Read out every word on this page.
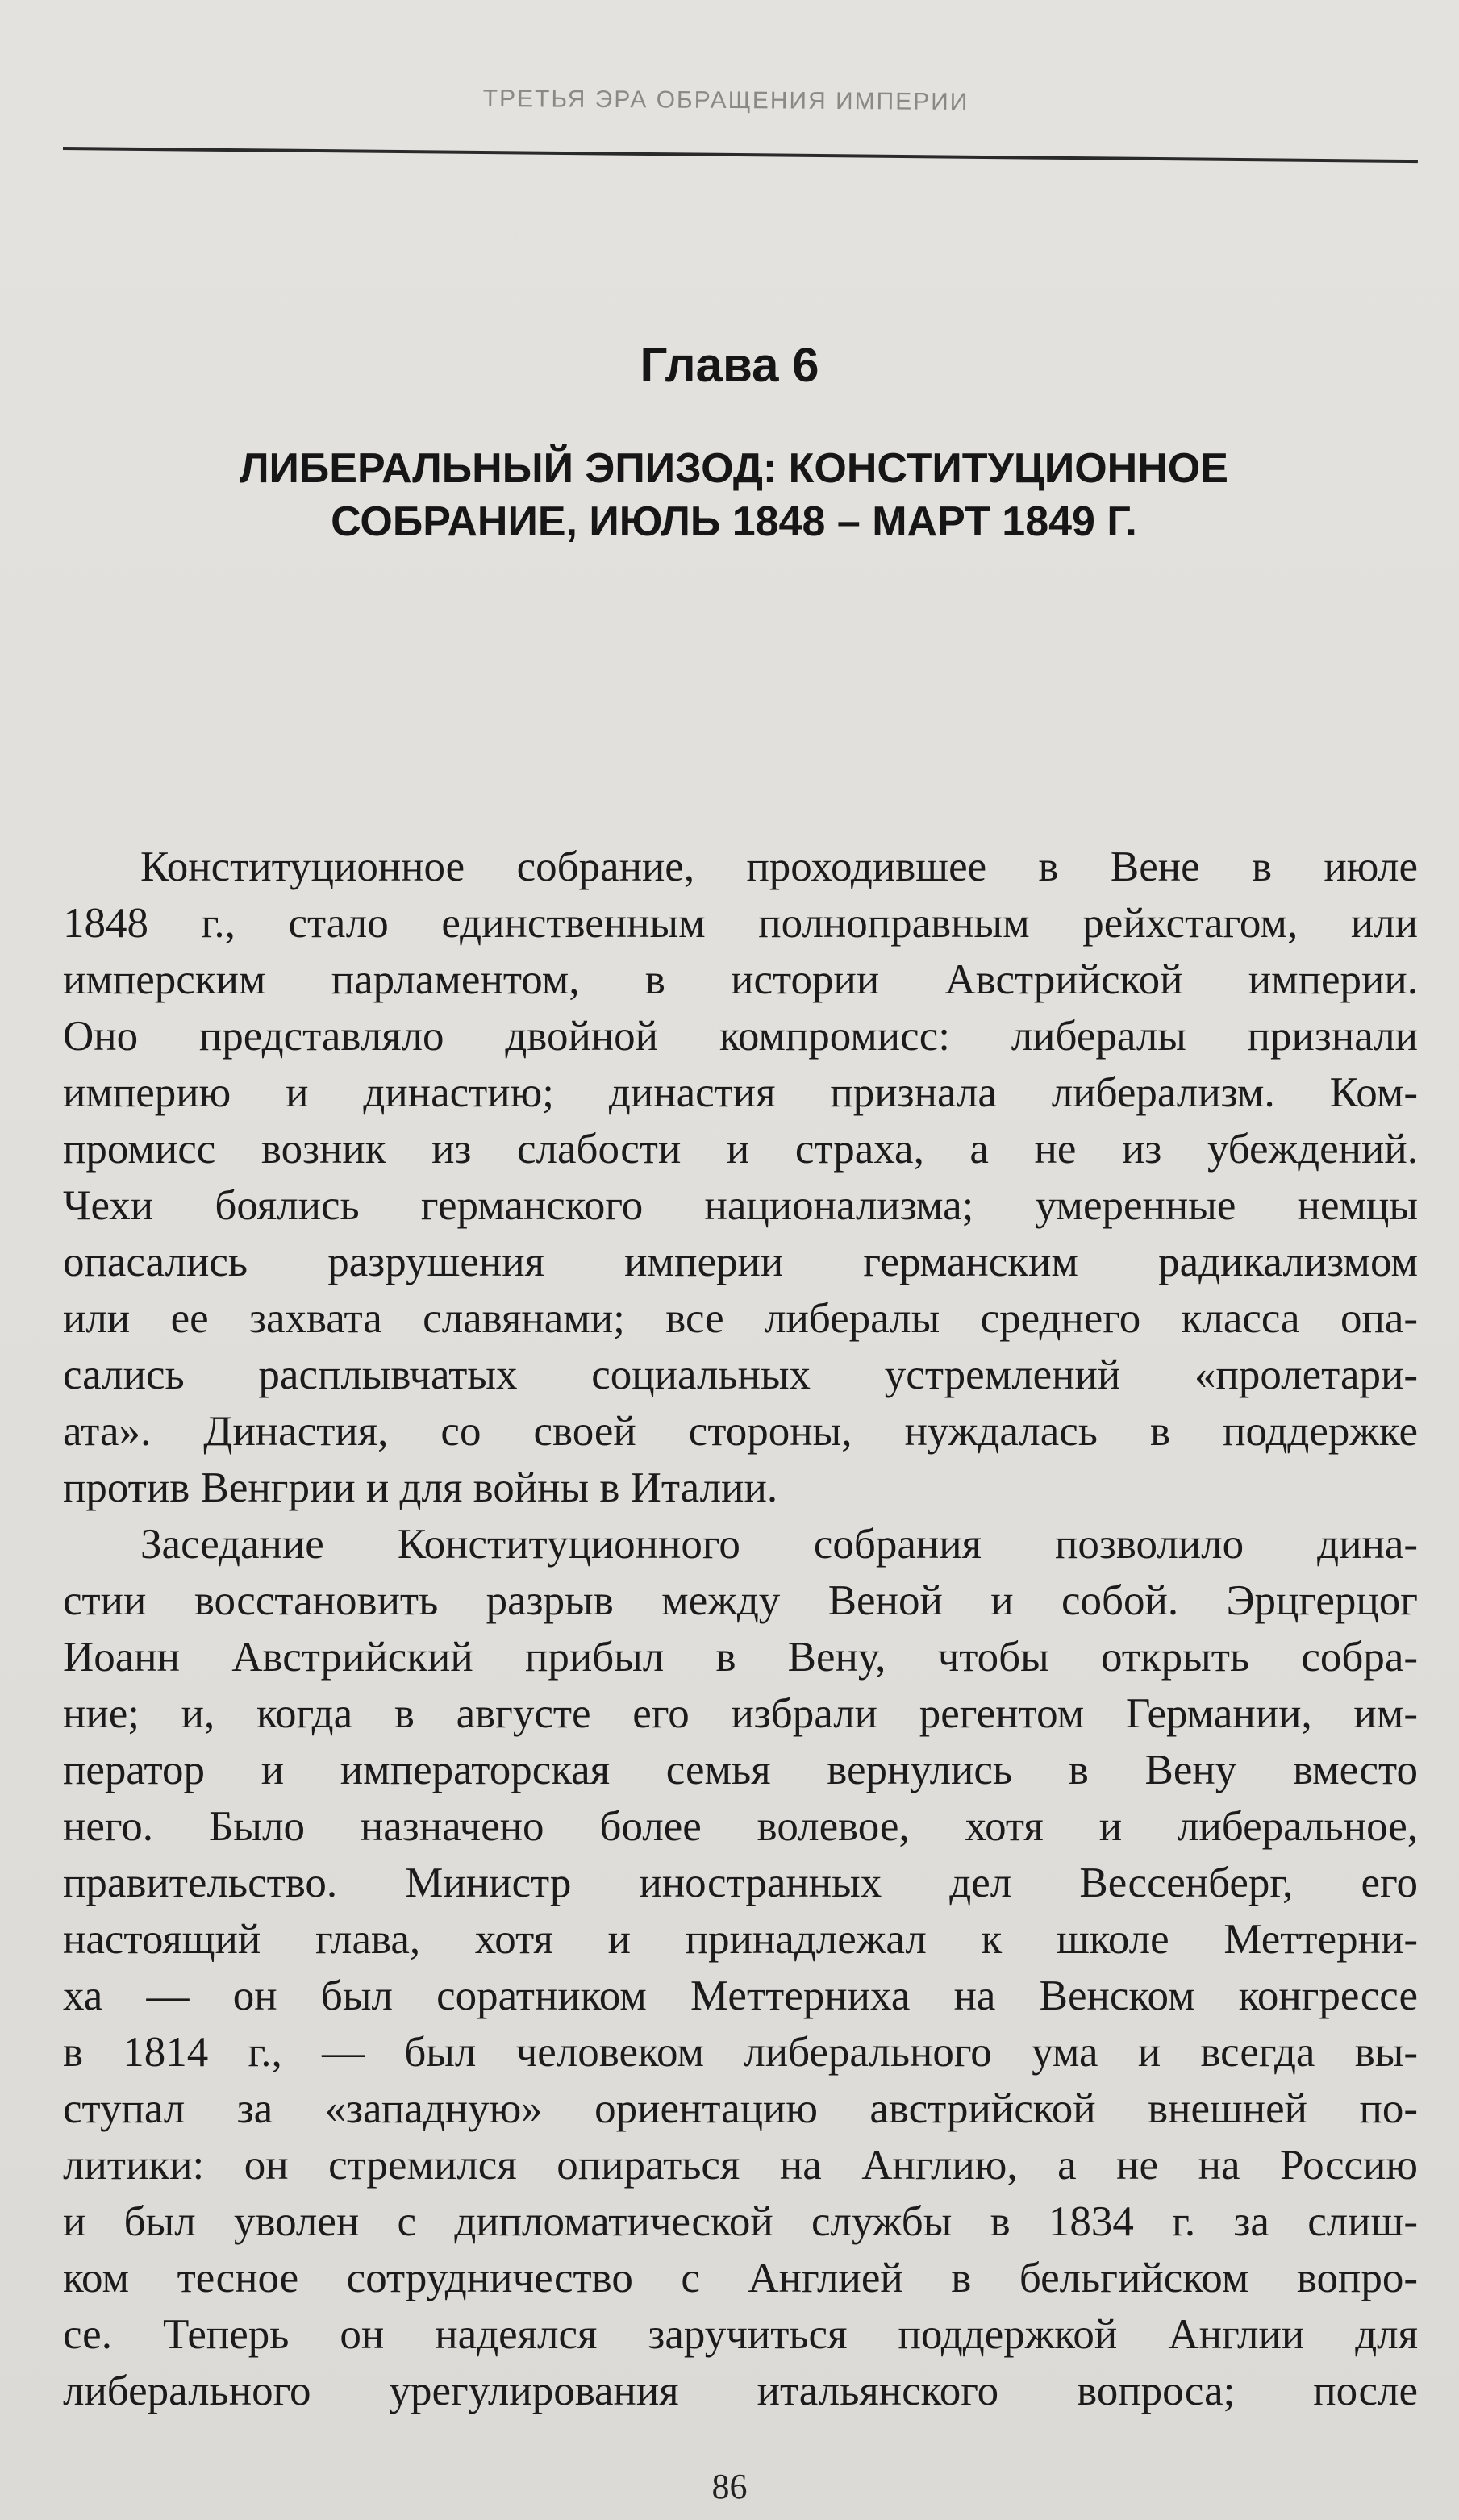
ТРЕТЬЯ ЭРА ОБРАЩЕНИЯ ИМПЕРИИ
Глава 6
ЛИБЕРАЛЬНЫЙ ЭПИЗОД: КОНСТИТУЦИОННОЕ
СОБРАНИЕ, ИЮЛЬ 1848 – МАРТ 1849 Г.
Конституционное собрание, проходившее в Вене в июле
1848 г., стало единственным полноправным рейхстагом, или
имперским парламентом, в истории Австрийской империи.
Оно представляло двойной компромисс: либералы признали
империю и династию; династия признала либерализм. Ком-
промисс возник из слабости и страха, а не из убеждений.
Чехи боялись германского национализма; умеренные немцы
опасались разрушения империи германским радикализмом
или ее захвата славянами; все либералы среднего класса опа-
сались расплывчатых социальных устремлений «пролетари-
ата». Династия, со своей стороны, нуждалась в поддержке
против Венгрии и для войны в Италии.
Заседание Конституционного собрания позволило дина-
стии восстановить разрыв между Веной и собой. Эрцгерцог
Иоанн Австрийский прибыл в Вену, чтобы открыть собра-
ние; и, когда в августе его избрали регентом Германии, им-
ператор и императорская семья вернулись в Вену вместо
него. Было назначено более волевое, хотя и либеральное,
правительство. Министр иностранных дел Вессенберг, его
настоящий глава, хотя и принадлежал к школе Меттерни-
ха — он был соратником Меттерниха на Венском конгрессе
в 1814 г., — был человеком либерального ума и всегда вы-
ступал за «западную» ориентацию австрийской внешней по-
литики: он стремился опираться на Англию, а не на Россию
и был уволен с дипломатической службы в 1834 г. за слиш-
ком тесное сотрудничество с Англией в бельгийском вопро-
се. Теперь он надеялся заручиться поддержкой Англии для
либерального урегулирования итальянского вопроса; после
86
